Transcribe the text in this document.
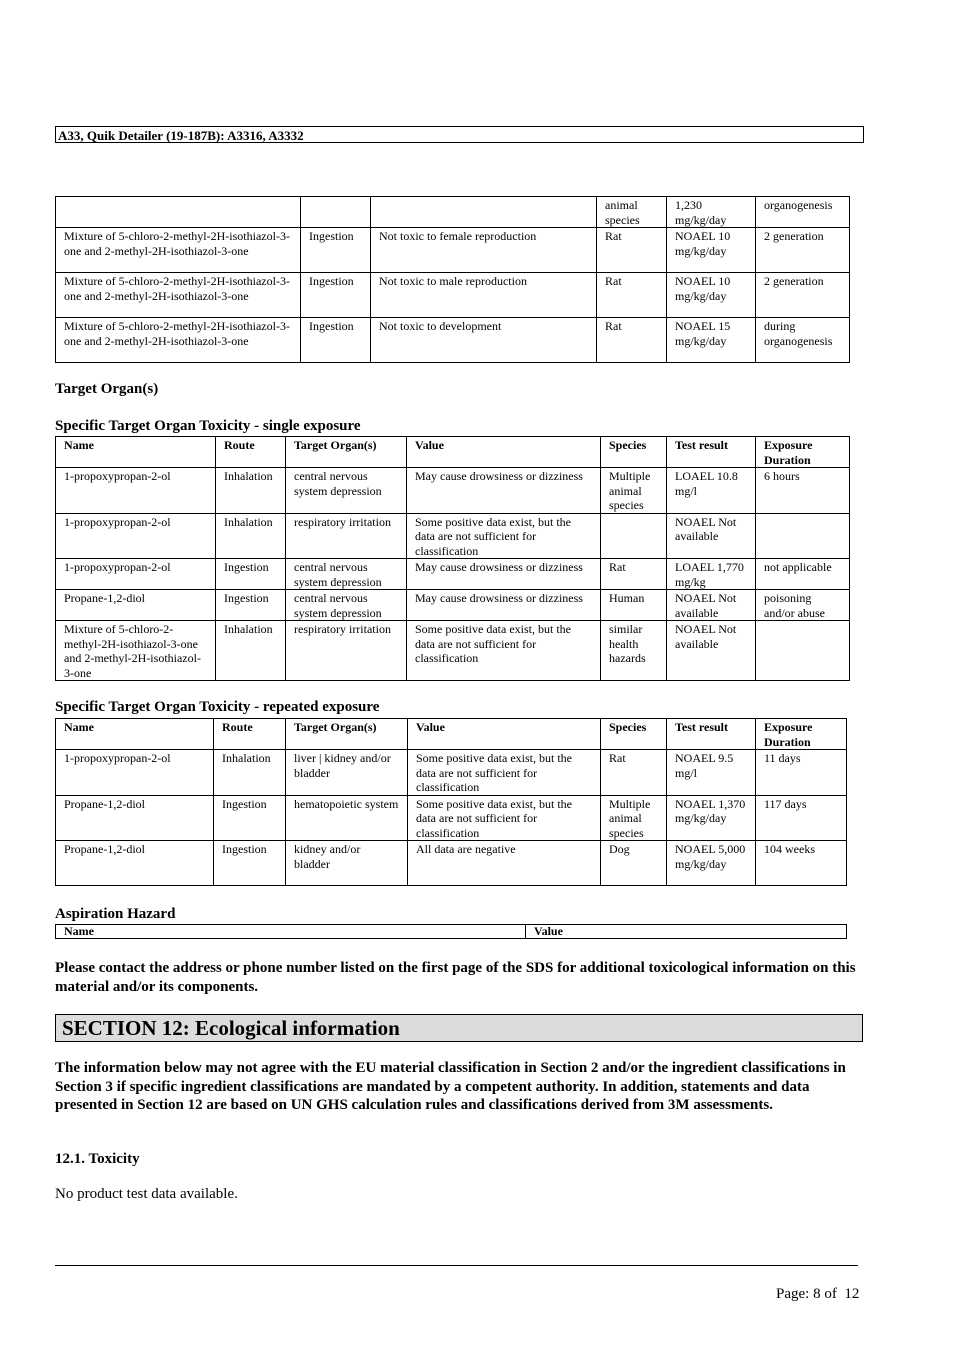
A33, Quik Detailer (19-187B): A3316, A3332
			animal species	1,230 mg/kg/day	organogenesis
Mixture of 5-chloro-2-methyl-2H-isothiazol-3-one and 2-methyl-2H-isothiazol-3-one	Ingestion	Not toxic to female reproduction	Rat	NOAEL 10 mg/kg/day	2 generation
Mixture of 5-chloro-2-methyl-2H-isothiazol-3-one and 2-methyl-2H-isothiazol-3-one	Ingestion	Not toxic to male reproduction	Rat	NOAEL 10 mg/kg/day	2 generation
Mixture of 5-chloro-2-methyl-2H-isothiazol-3-one and 2-methyl-2H-isothiazol-3-one	Ingestion	Not toxic to development	Rat	NOAEL 15 mg/kg/day	during organogenesis
Target Organ(s)
Specific Target Organ Toxicity - single exposure
Name	Route	Target Organ(s)	Value	Species	Test result	Exposure Duration
1-propoxypropan-2-ol	Inhalation	central nervous system depression	May cause drowsiness or dizziness	Multiple animal species	LOAEL 10.8 mg/l	6 hours
1-propoxypropan-2-ol	Inhalation	respiratory irritation	Some positive data exist, but the data are not sufficient for classification		NOAEL Not available	
1-propoxypropan-2-ol	Ingestion	central nervous system depression	May cause drowsiness or dizziness	Rat	LOAEL 1,770 mg/kg	not applicable
Propane-1,2-diol	Ingestion	central nervous system depression	May cause drowsiness or dizziness	Human	NOAEL Not available	poisoning and/or abuse
Mixture of 5-chloro-2-methyl-2H-isothiazol-3-one and 2-methyl-2H-isothiazol-3-one	Inhalation	respiratory irritation	Some positive data exist, but the data are not sufficient for classification	similar health hazards	NOAEL Not available	
Specific Target Organ Toxicity - repeated exposure
Name	Route	Target Organ(s)	Value	Species	Test result	Exposure Duration
1-propoxypropan-2-ol	Inhalation	liver | kidney and/or bladder	Some positive data exist, but the data are not sufficient for classification	Rat	NOAEL 9.5 mg/l	11 days
Propane-1,2-diol	Ingestion	hematopoietic system	Some positive data exist, but the data are not sufficient for classification	Multiple animal species	NOAEL 1,370 mg/kg/day	117 days
Propane-1,2-diol	Ingestion	kidney and/or bladder	All data are negative	Dog	NOAEL 5,000 mg/kg/day	104 weeks
Aspiration Hazard
Name	Value
Please contact the address or phone number listed on the first page of the SDS for additional toxicological information on this material and/or its components.
SECTION 12: Ecological information
The information below may not agree with the EU material classification in Section 2 and/or the ingredient classifications in Section 3 if specific ingredient classifications are mandated by a competent authority. In addition, statements and data presented in Section 12 are based on UN GHS calculation rules and classifications derived from 3M assessments.
12.1. Toxicity
No product test data available.
Page: 8 of  12
